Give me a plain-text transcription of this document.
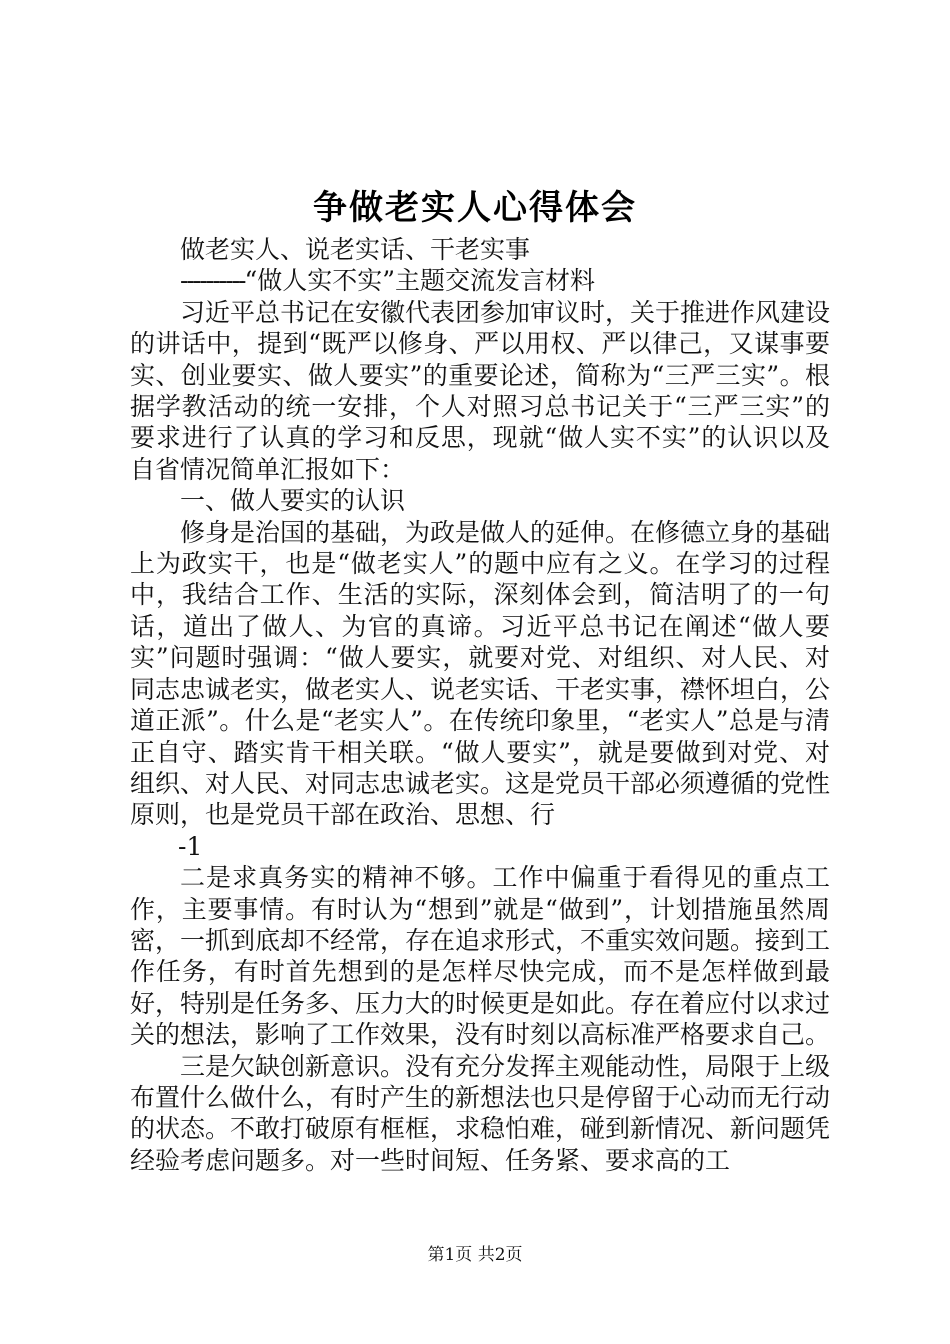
争做老实人心得体会

做老实人、说老实话、干老实事

----------“做人实不实”主题交流发言材料

习近平总书记在安徽代表团参加审议时，关于推进作风建设的讲话中，提到“既严以修身、严以用权、严以律己，又谋事要实、创业要实、做人要实”的重要论述，简称为“三严三实”。根据学教活动的统一安排，个人对照习总书记关于“三严三实”的要求进行了认真的学习和反思，现就“做人实不实”的认识以及自省情况简单汇报如下：

一、做人要实的认识

修身是治国的基础，为政是做人的延伸。在修德立身的基础上为政实干，也是“做老实人”的题中应有之义。在学习的过程中，我结合工作、生活的实际，深刻体会到，简洁明了的一句话，道出了做人、为官的真谛。习近平总书记在阐述“做人要实”问题时强调：“做人要实，就要对党、对组织、对人民、对同志忠诚老实，做老实人、说老实话、干老实事，襟怀坦白，公道正派”。什么是“老实人”。在传统印象里，“老实人”总是与清正自守、踏实肯干相关联。“做人要实”，就是要做到对党、对组织、对人民、对同志忠诚老实。这是党员干部必须遵循的党性原则，也是党员干部在政治、思想、行

-1

二是求真务实的精神不够。工作中偏重于看得见的重点工作，主要事情。有时认为“想到”就是“做到”，计划措施虽然周密，一抓到底却不经常，存在追求形式，不重实效问题。接到工作任务，有时首先想到的是怎样尽快完成，而不是怎样做到最好，特别是任务多、压力大的时候更是如此。存在着应付以求过关的想法，影响了工作效果，没有时刻以高标准严格要求自己。

三是欠缺创新意识。没有充分发挥主观能动性，局限于上级布置什么做什么，有时产生的新想法也只是停留于心动而无行动的状态。不敢打破原有框框，求稳怕难，碰到新情况、新问题凭经验考虑问题多。对一些时间短、任务紧、要求高的工

第1页 共2页
